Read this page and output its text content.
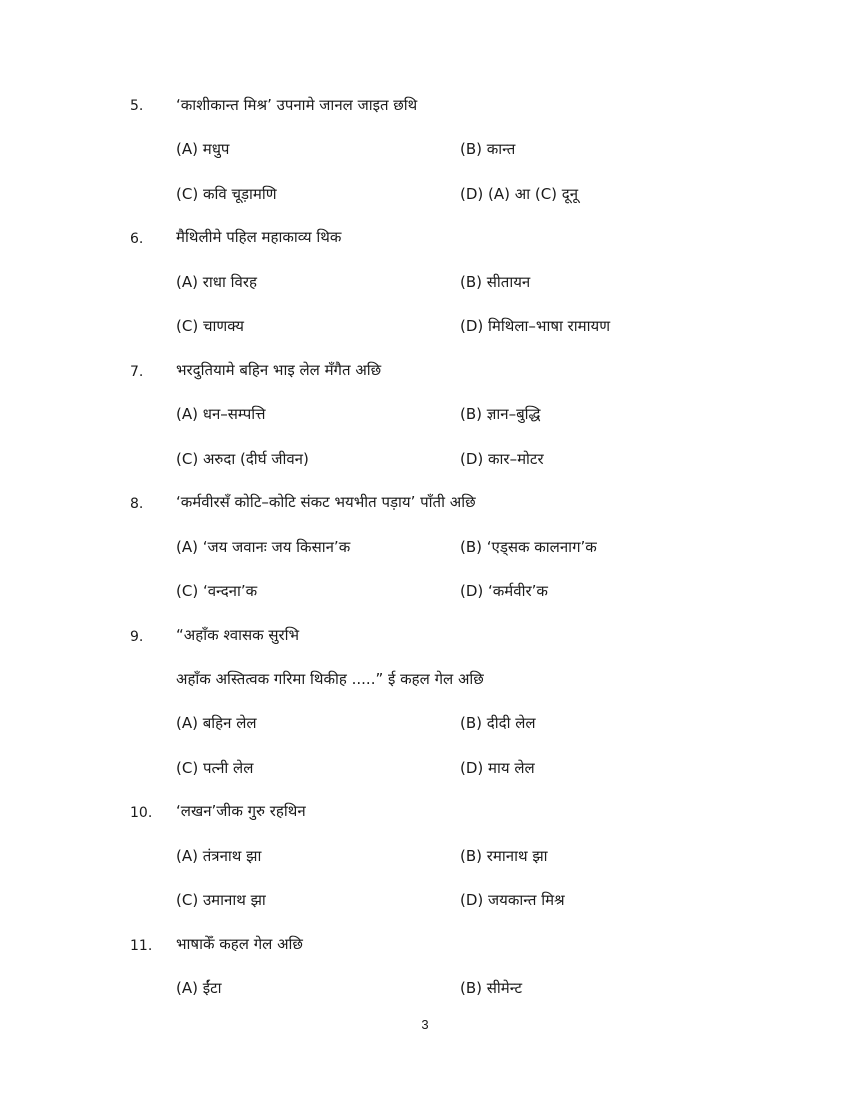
5. ‘काशीकान्त मिश्र’ उपनामे जानल जाइत छथि
(A) मधुप	(B) कान्त
(C) कवि चूड़ामणि	(D) (A) आ (C) दूनू
6. मैथिलीमे पहिल महाकाव्य थिक
(A) राधा विरह	(B) सीतायन
(C) चाणक्य	(D) मिथिला–भाषा रामायण
7. भरदुतियामे बहिन भाइ लेल मँगैत अछि
(A) धन–सम्पत्ति	(B) ज्ञान–बुद्धि
(C) अरुदा (दीर्घ जीवन)	(D) कार–मोटर
8. ‘कर्मवीरसँ कोटि–कोटि संकट भयभीत पड़ाय’ पाँती अछि
(A) ‘जय जवानः जय किसान’क	(B) ‘एड्सक कालनाग’क
(C) ‘वन्दना’क	(D) ‘कर्मवीर’क
9. “अहाँक श्वासक सुरभि
अहाँक अस्तित्वक गरिमा थिकीह .....” ई कहल गेल अछि
(A) बहिन लेल	(B) दीदी लेल
(C) पत्नी लेल	(D) माय लेल
10. ‘लखन’जीक गुरु रहथिन
(A) तंत्रनाथ झा	(B) रमानाथ झा
(C) उमानाथ झा	(D) जयकान्त मिश्र
11. भाषाकेँ कहल गेल अछि
(A) ईंटा	(B) सीमेन्ट
3
